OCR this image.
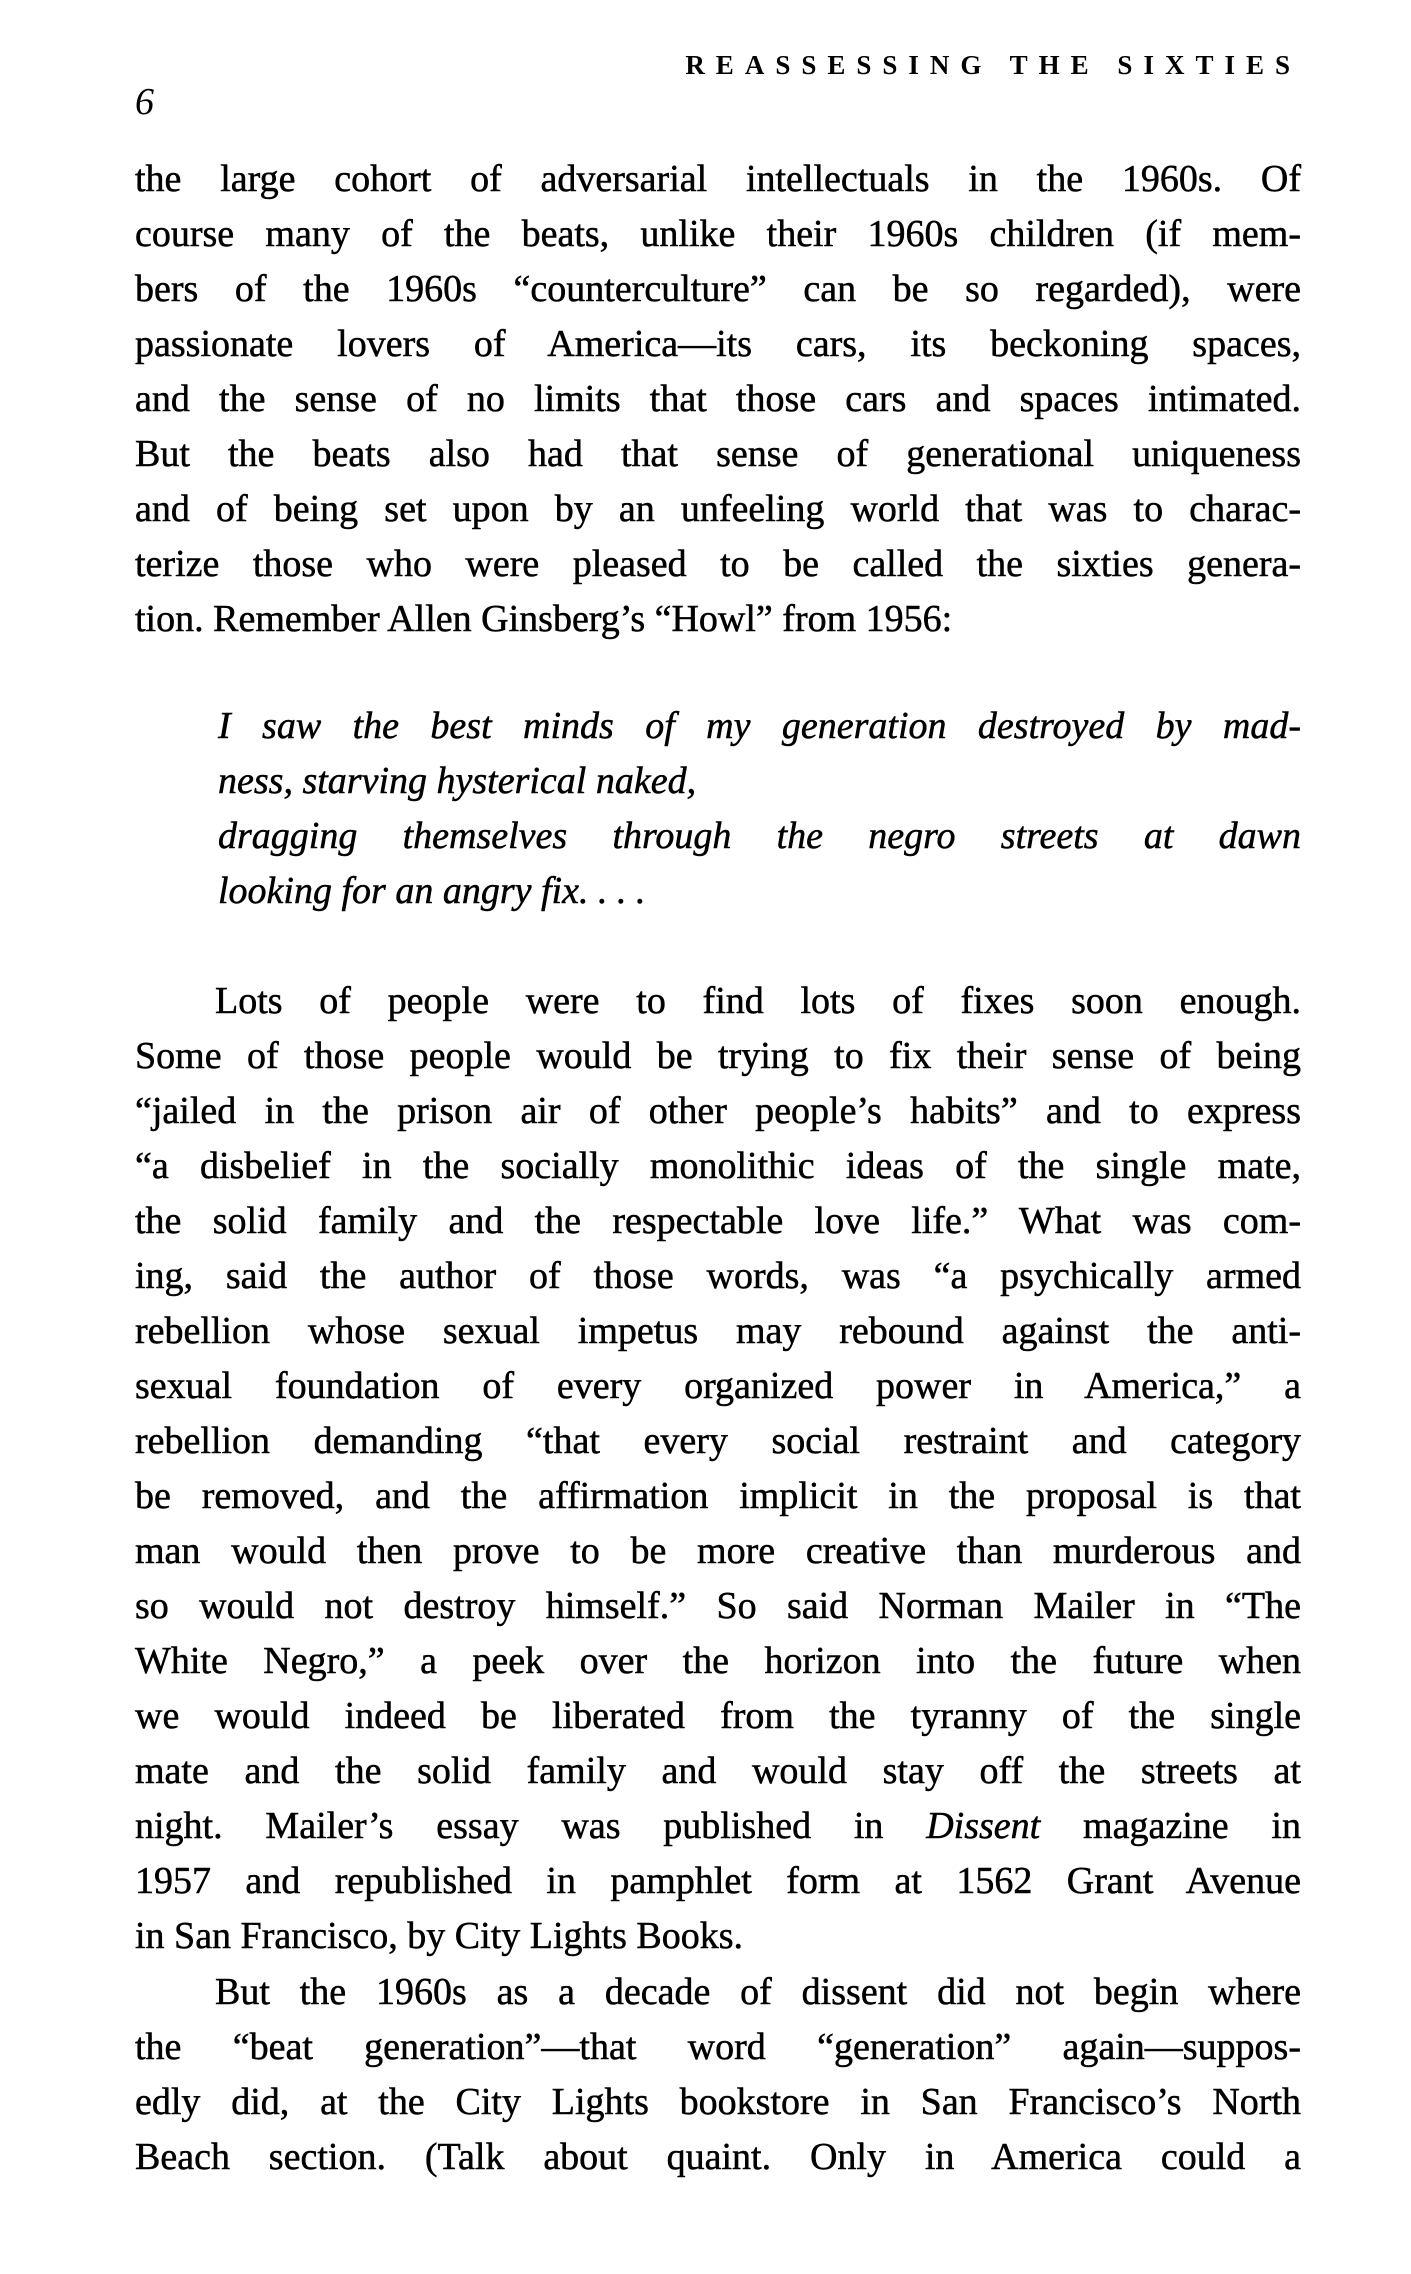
REASSESSING THE SIXTIES
6
the large cohort of adversarial intellectuals in the 1960s. Of
course many of the beats, unlike their 1960s children (if mem-
bers of the 1960s “counterculture” can be so regarded), were
passionate lovers of America—its cars, its beckoning spaces,
and the sense of no limits that those cars and spaces intimated.
But the beats also had that sense of generational uniqueness
and of being set upon by an unfeeling world that was to charac-
terize those who were pleased to be called the sixties genera-
tion. Remember Allen Ginsberg’s “Howl” from 1956:
I saw the best minds of my generation destroyed by mad-
ness, starving hysterical naked,
dragging themselves through the negro streets at dawn
looking for an angry fix. . . .
Lots of people were to find lots of fixes soon enough.
Some of those people would be trying to fix their sense of being
“jailed in the prison air of other people’s habits” and to express
“a disbelief in the socially monolithic ideas of the single mate,
the solid family and the respectable love life.” What was com-
ing, said the author of those words, was “a psychically armed
rebellion whose sexual impetus may rebound against the anti-
sexual foundation of every organized power in America,” a
rebellion demanding “that every social restraint and category
be removed, and the affirmation implicit in the proposal is that
man would then prove to be more creative than murderous and
so would not destroy himself.” So said Norman Mailer in “The
White Negro,” a peek over the horizon into the future when
we would indeed be liberated from the tyranny of the single
mate and the solid family and would stay off the streets at
night. Mailer’s essay was published in Dissent magazine in
1957 and republished in pamphlet form at 1562 Grant Avenue
in San Francisco, by City Lights Books.
But the 1960s as a decade of dissent did not begin where
the “beat generation”—that word “generation” again—suppos-
edly did, at the City Lights bookstore in San Francisco’s North
Beach section. (Talk about quaint. Only in America could a
